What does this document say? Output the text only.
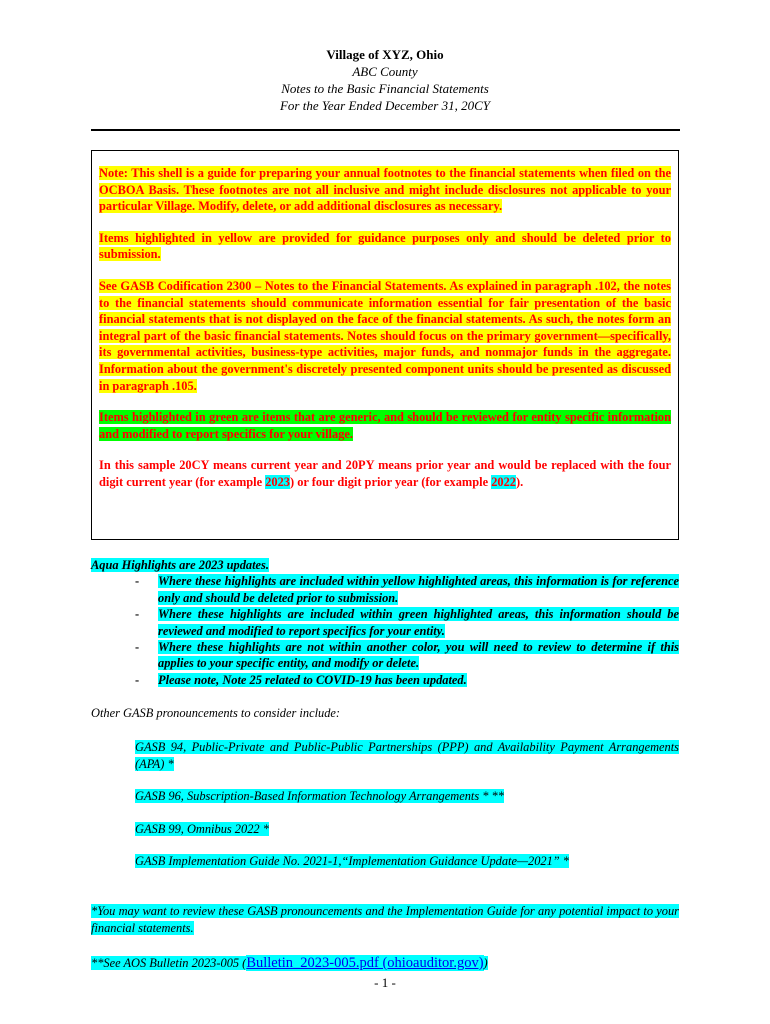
Village of XYZ, Ohio
ABC County
Notes to the Basic Financial Statements
For the Year Ended December 31, 20CY

Note: This shell is a guide for preparing your annual footnotes to the financial statements when filed on the OCBOA Basis. These footnotes are not all inclusive and might include disclosures not applicable to your particular Village. Modify, delete, or add additional disclosures as necessary.

Items highlighted in yellow are provided for guidance purposes only and should be deleted prior to submission.

See GASB Codification 2300 – Notes to the Financial Statements. As explained in paragraph .102, the notes to the financial statements should communicate information essential for fair presentation of the basic financial statements that is not displayed on the face of the financial statements. As such, the notes form an integral part of the basic financial statements. Notes should focus on the primary government—specifically, its governmental activities, business-type activities, major funds, and nonmajor funds in the aggregate. Information about the government's discretely presented component units should be presented as discussed in paragraph .105.

Items highlighted in green are items that are generic, and should be reviewed for entity specific information and modified to report specifics for your village.

In this sample 20CY means current year and 20PY means prior year and would be replaced with the four digit current year (for example 2023) or four digit prior year (for example 2022).

Aqua Highlights are 2023 updates.
- Where these highlights are included within yellow highlighted areas, this information is for reference only and should be deleted prior to submission.
- Where these highlights are included within green highlighted areas, this information should be reviewed and modified to report specifics for your entity.
- Where these highlights are not within another color, you will need to review to determine if this applies to your specific entity, and modify or delete.
- Please note, Note 25 related to COVID-19 has been updated.
Other GASB pronouncements to consider include:
GASB 94, Public-Private and Public-Public Partnerships (PPP) and Availability Payment Arrangements (APA) *
GASB 96, Subscription-Based Information Technology Arrangements * **
GASB 99, Omnibus 2022 *
GASB Implementation Guide No. 2021-1,“Implementation Guidance Update—2021” *
*You may want to review these GASB pronouncements and the Implementation Guide for any potential impact to your financial statements.
**See AOS Bulletin 2023-005 (Bulletin_2023-005.pdf (ohioauditor.gov))
- 1 -
